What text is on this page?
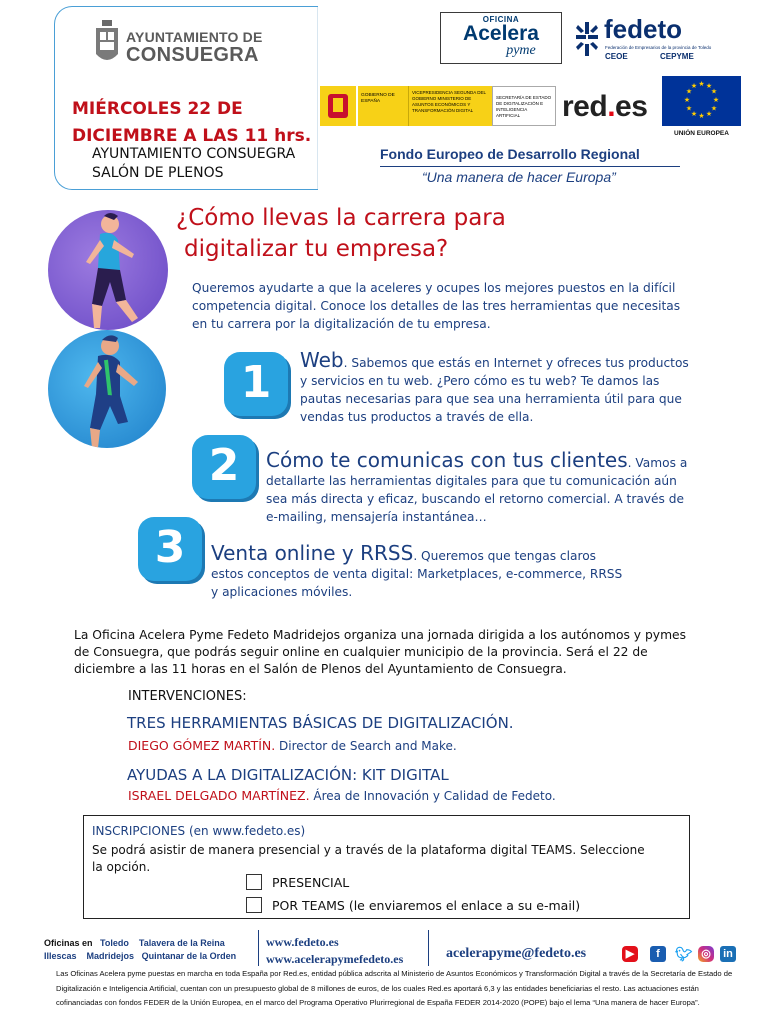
AYUNTAMIENTO DE
CONSUEGRA
MIÉRCOLES 22 DE
DICIEMBRE A LAS 11 hrs.
AYUNTAMIENTO CONSUEGRA
SALÓN DE PLENOS
OFICINA
Acelera
pyme
fedeto
Federación de Empresarios de la provincia de Toledo
CEOE	CEPYME
GOBIERNO DE ESPAÑA
VICEPRESIDENCIA SEGUNDA DEL GOBIERNO MINISTERIO DE ASUNTOS ECONÓMICOS Y TRANSFORMACIÓN DIGITAL
SECRETARÍA DE ESTADO DE DIGITALIZACIÓN E INTELIGENCIA ARTIFICIAL	red.es
★ ★
★
★
★
★
★
★
★
★
★
★
UNIÓN EUROPEA
Fondo Europeo de Desarrollo Regional
“Una manera de hacer Europa”
¿Cómo llevas la carrera para
digitalizar tu empresa?
Queremos ayudarte a que la aceleres y ocupes los mejores puestos en la difícil competencia digital. Conoce los detalles de las tres herramientas que necesitas en tu carrera por la digitalización de tu empresa.
1	Web. Sabemos que estás en Internet y ofreces tus productos y servicios en tu web. ¿Pero cómo es tu web? Te damos las pautas necesarias para que sea una herramienta útil para que vendas tus productos a través de ella.
2	Cómo te comunicas con tus clientes. Vamos a detallarte las herramientas digitales para que tu comunicación aún sea más directa y eficaz, buscando el retorno comercial. A través de e-mailing, mensajería instantánea…
3	Venta online y RRSS. Queremos que tengas claros estos conceptos de venta digital: Marketplaces, e-commerce, RRSS y aplicaciones móviles.
La Oficina Acelera Pyme Fedeto Madridejos organiza una jornada dirigida a los autónomos y pymes de Consuegra, que podrás seguir online en cualquier municipio de la provincia. Será el 22 de diciembre a las 11 horas en el Salón de Plenos del Ayuntamiento de Consuegra.
INTERVENCIONES:
TRES HERRAMIENTAS BÁSICAS DE DIGITALIZACIÓN.
DIEGO GÓMEZ MARTÍN. Director de Search and Make.
AYUDAS A LA DIGITALIZACIÓN: KIT DIGITAL
ISRAEL DELGADO MARTÍNEZ. Área de Innovación y Calidad de Fedeto.
INSCRIPCIONES (en www.fedeto.es)
Se podrá asistir de manera presencial y a través de la plataforma digital TEAMS. Seleccione la opción.
PRESENCIAL
POR TEAMS (le enviaremos el enlace a su e-mail)
Oficinas en Toledo Talavera de la Reina
Illescas Madridejos Quintanar de la Orden
www.fedeto.es
www.acelerapymefedeto.es	acelerapyme@fedeto.es	▶	f	🐦︎ ◎ in
Las Oficinas Acelera pyme puestas en marcha en toda España por Red.es, entidad pública adscrita al Ministerio de Asuntos Económicos y Transformación Digital a través de la Secretaría de Estado de Digitalización e Inteligencia Artificial, cuentan con un presupuesto global de 8 millones de euros, de los cuales Red.es aportará 6,3 y las entidades beneficiarias el resto. Las actuaciones están cofinanciadas con fondos FEDER de la Unión Europea, en el marco del Programa Operativo Plurirregional de España FEDER 2014-2020 (POPE) bajo el lema “Una manera de hacer Europa”.
